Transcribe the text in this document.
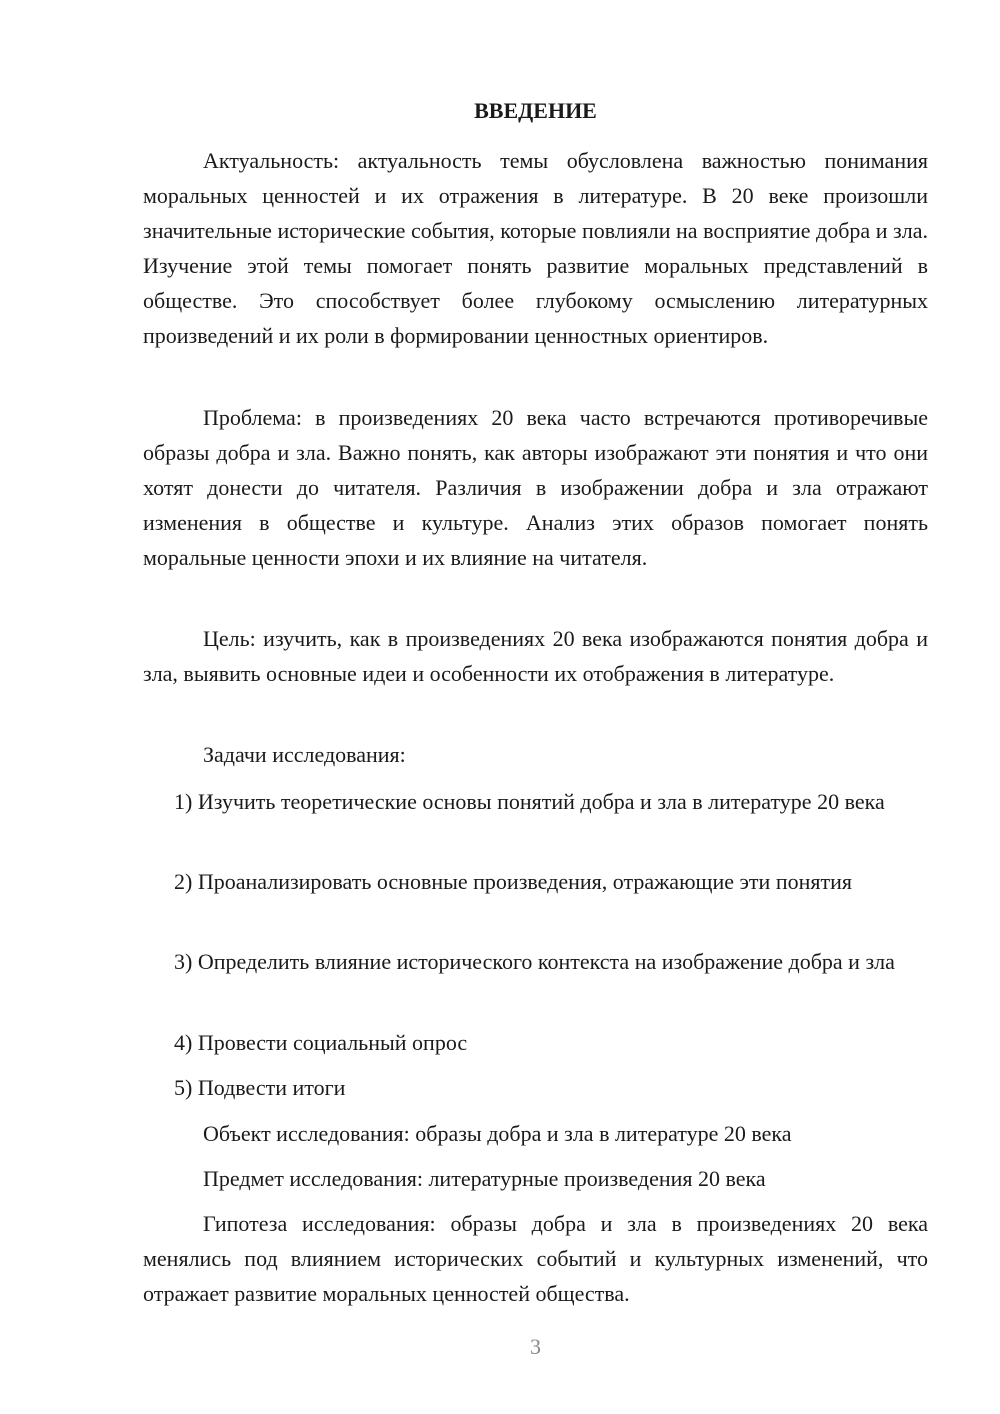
ВВЕДЕНИЕ

Актуальность: актуальность темы обусловлена важностью понимания моральных ценностей и их отражения в литературе. В 20 веке произошли значительные исторические события, которые повлияли на восприятие добра и зла. Изучение этой темы помогает понять развитие моральных представлений в обществе. Это способствует более глубокому осмыслению литературных произведений и их роли в формировании ценностных ориентиров.

Проблема: в произведениях 20 века часто встречаются противоречивые образы добра и зла. Важно понять, как авторы изображают эти понятия и что они хотят донести до читателя. Различия в изображении добра и зла отражают изменения в обществе и культуре. Анализ этих образов помогает понять моральные ценности эпохи и их влияние на читателя.

Цель: изучить, как в произведениях 20 века изображаются понятия добра и зла, выявить основные идеи и особенности их отображения в литературе.

Задачи исследования:

1) Изучить теоретические основы понятий добра и зла в литературе 20 века

2) Проанализировать основные произведения, отражающие эти понятия

3) Определить влияние исторического контекста на изображение добра и зла

4) Провести социальный опрос

5) Подвести итоги

Объект исследования: образы добра и зла в литературе 20 века

Предмет исследования: литературные произведения 20 века

Гипотеза исследования: образы добра и зла в произведениях 20 века менялись под влиянием исторических событий и культурных изменений, что отражает развитие моральных ценностей общества.

3
